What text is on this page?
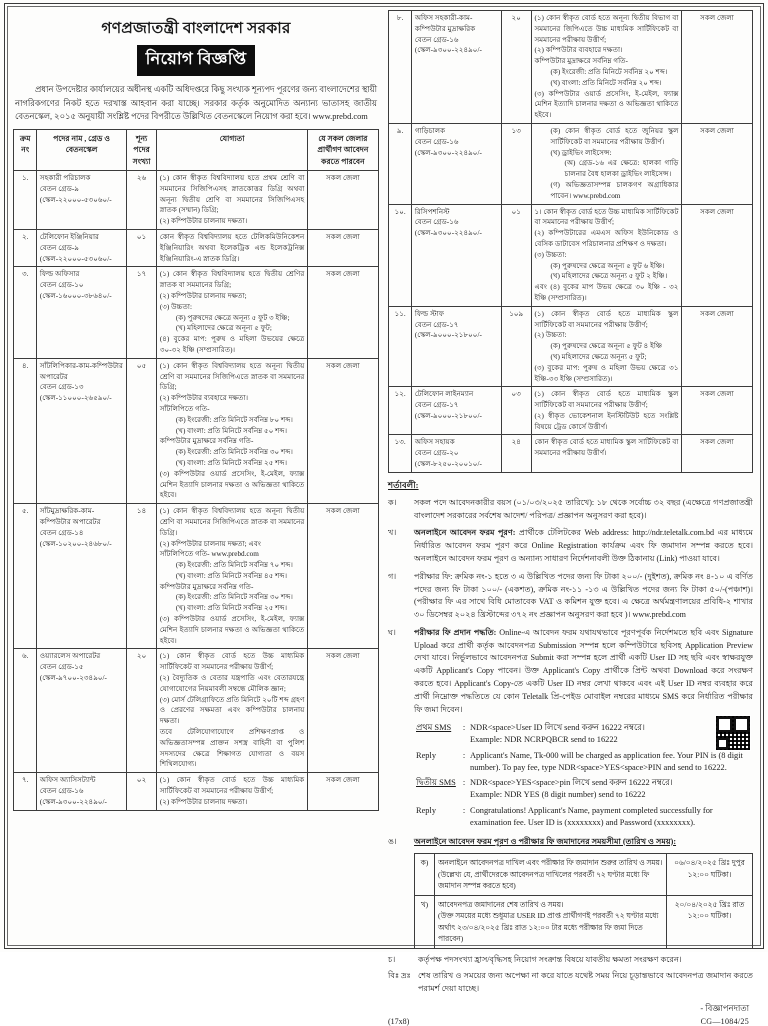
গণপ্রজাতন্ত্রী বাংলাদেশ সরকার
নিয়োগ বিজ্ঞপ্তি
প্রধান উপদেষ্টার কার্যালয়ের অধীনস্থ একটি অধিদপ্তরে কিছু সংখ্যক শূন্যপদ পূরণের জন্য বাংলাদেশের স্থায়ী নাগরিকগণের নিকট হতে দরখাস্ত আহবান করা যাচ্ছে। সরকার কর্তৃক অনুমোদিত অন্যান্য ভাতাসহ জাতীয় বেতনস্কেল, ২০১৫ অনুযায়ী সংশ্লিষ্ট পদের বিপরীতে উল্লিখিত বেতনস্কেলে নিয়োগ করা হবে। www.prebd.com
ক্রম নং	পদের নাম , গ্রেড ও বেতনস্কেল	শূন্য পদের সংখ্যা	যোগ্যতা	যে সকল জেলার প্রার্থীগণ আবেদন করতে পারবেন
১.	সহকারী পরিচালক
বেতন গ্রেড-৯
(স্কেল-২২০০০-৫৩০৬০/-	২৬	(১) কোন স্বীকৃত বিশ্ববিদ্যালয় হতে প্রথম শ্রেণি বা সমমানের সিজিপিএসহ স্নাতকোত্তর ডিগ্রি অথবা অনূন্য দ্বিতীয় শ্রেণি বা সমমানের সিজিপিএসহ স্নাতক (সম্মান) ডিগ্রি;
(২) কম্পিউটার চালনায় দক্ষতা।	সকল জেলা
২.	টেলিফোন ইঞ্জিনিয়ার
বেতন গ্রেড-৯
(স্কেল-২২০০০-৫৩০৬০/-	০১	কোন স্বীকৃত বিশ্ববিদ্যালয় হতে টেলিকমিউনিকেশন ইঞ্জিনিয়ারিং অথবা ইলেকট্রিক এন্ড ইলেকট্রনিক্স ইঞ্জিনিয়ারিং-এ স্নাতক ডিগ্রি।	সকল জেলা
৩.	ফিল্ড অফিসার
বেতন গ্রেড-১০
(স্কেল-১৬০০০-৩৮৬৪০/-
	১৭	(১) কোন স্বীকৃত বিশ্ববিদ্যালয় হতে দ্বিতীয় শ্রেণির স্নাতক বা সমমানের ডিগ্রি;
(২) কম্পিউটার চালনায় দক্ষতা;
(৩) উচ্চতা:
(ক) পুরুষদের ক্ষেত্রে অনূন্য ৫ ফুট ৩ ইঞ্চি;
(খ) মহিলাদের ক্ষেত্রে অনূন্য ৫ ফুট;
(৪) বুকের মাপ: পুরুষ ও মহিলা উভয়ের ক্ষেত্রে ৩০-৩২ ইঞ্চি (সম্প্রসারিত)।
	সকল জেলা
৪.	সাঁটলিপিকার-কাম-কম্পিউটার অপারেটর
বেতন গ্রেড-১৩
(স্কেল-১১০০০-২৬৫৯০/-
	০৫	(১) কোন স্বীকৃত বিশ্ববিদ্যালয় হতে অনূন্য দ্বিতীয় শ্রেণি বা সমমানের সিজিপিএতে স্নাতক বা সমমানের ডিগ্রি;
(২) কম্পিউটার ব্যবহারে দক্ষতা।
সাঁটলিপিতে গতি-
(ক) ইংরেজী: প্রতি মিনিটে সর্বনিম্ন ৮০ শব্দ।
(খ) বাংলা: প্রতি মিনিটে সর্বনিম্ন ৫০ শব্দ।
কম্পিউটার মুদ্রাক্ষরে সর্বনিম্ন গতি-
(ক) ইংরেজী: প্রতি মিনিটে সর্বনিম্ন ৩০ শব্দ।
(খ) বাংলা: প্রতি মিনিটে সর্বনিম্ন ২৫ শব্দ।
(৩) কম্পিউটার ওয়ার্ড প্রসেসিং, ই-মেইল, ফ্যাক্স মেশিন ইত্যাদি চালনার দক্ষতা ও অভিজ্ঞতা থাকিতে হইবে।
	সকল জেলা
৫.	সাঁটমুদ্রাক্ষরিক-কাম-কম্পিউটার অপারেটর
বেতন গ্রেড-১৪
(স্কেল-১০২০০-২৪৬৮০/-
	১৪	(১) কোন স্বীকৃত বিশ্ববিদ্যালয় হতে অনূন্য দ্বিতীয় শ্রেণি বা সমমানের সিজিপিএতে স্নাতক বা সমমানের ডিগ্রি।
(২) কম্পিউটার চালনায় দক্ষতা; এবং
সাঁটলিপিতে গতি- www.prebd.com
(ক) ইংরেজী: প্রতি মিনিটে সর্বনিম্ন ৭০ শব্দ।
(খ) বাংলা: প্রতি মিনিটে সর্বনিম্ন ৪৫ শব্দ।
কম্পিউটার মুদ্রাক্ষরে সর্বনিম্ন গতি-
(ক) ইংরেজী: প্রতি মিনিটে সর্বনিম্ন ৩০ শব্দ।
(খ) বাংলা: প্রতি মিনিটে সর্বনিম্ন ২৫ শব্দ।
(৩) কম্পিউটার ওয়ার্ড প্রসেসিং, ই-মেইল, ফ্যাক্স মেশিন ইত্যাদি চালনার দক্ষতা ও অভিজ্ঞতা থাকিতে হইবে।
	সকল জেলা
৬.	ওয়্যারলেস অপারেটর
বেতন গ্রেড-১৫
(স্কেল-৯৭০০-২৩৪৯০/-
	২০	(১) কোন স্বীকৃত বোর্ড হতে উচ্চ মাধ্যমিক সার্টিফিকেট বা সমমানের পরীক্ষায় উত্তীর্ণ;
(২) বৈদ্যুতিক ও বেতার যন্ত্রপাতি এবং বেতারযন্ত্রে যোগাযোগের নিয়মাবলী সম্বন্ধে মৌলিক জ্ঞান;
(৩) মোর্স টেলিগ্রাফিতে প্রতি মিনিটে ২০টি শব্দ গ্রহণ ও প্রেরণের সক্ষমতা এবং কম্পিউটার চালনায় দক্ষতা।
তবে টেলিযোগাযোগে প্রশিক্ষণপ্রাপ্ত ও অভিজ্ঞতাসম্পন্ন প্রাক্তন সশস্ত্র বাহিনী বা পুলিশ সদস্যদের ক্ষেত্রে শিক্ষাগত যোগ্যতা ও বয়স শিথিলযোগ্য।
	সকল জেলা
৭.	অফিস অ্যাসিসট্যান্ট
বেতন গ্রেড-১৬
(স্কেল-৯৩০০-২২৪৯০/-	০২	(১) কোন স্বীকৃত বোর্ড হতে উচ্চ মাধ্যমিক সার্টিফিকেট বা সমমানের পরীক্ষায় উত্তীর্ণ;
(২) কম্পিউটার চালনায় দক্ষতা।	সকল জেলা
৮.	অফিস সহকারী-কাম-কম্পিউটার মুদ্রাক্ষরিক
বেতন গ্রেড-১৬
(স্কেল-৯৩০০-২২৪৯০/-
	২০	(১) কোন স্বীকৃত বোর্ড হতে অনূন্য দ্বিতীয় বিভাগ বা সমমানের জিপিএতে উচ্চ মাধ্যমিক সার্টিফিকেট বা সমমানের পরীক্ষায় উত্তীর্ণ;
(২) কম্পিউটার ব্যবহারে দক্ষতা।
কম্পিউটার মুদ্রাক্ষরে সর্বনিম্ন গতি-
(ক) ইংরেজী: প্রতি মিনিটে সর্বনিম্ন ২০ শব্দ।
(খ) বাংলা: প্রতি মিনিটে সর্বনিম্ন ২০ শব্দ।
(৩) কম্পিউটার ওয়ার্ড প্রসেসিং, ই-মেইল, ফ্যাক্স মেশিন ইত্যাদি চালনার দক্ষতা ও অভিজ্ঞতা থাকিতে হইবে।
	সকল জেলা
৯.	গাড়িচালক
বেতন গ্রেড-১৬
(স্কেল-৯৩০০-২২৪৯০/-
	১৩	(ক) কোন স্বীকৃত বোর্ড হতে জুনিয়র স্কুল সার্টিফিকেট বা সমমানের পরীক্ষায় উত্তীর্ণ।
(খ) ড্রাইভিং লাইসেন্স:
(অ) গ্রেড-১৬ এর ক্ষেত্রে: হালকা গাড়ি চালনার বৈধ হালকা ড্রাইভিং লাইসেন্স।
(গ) অভিজ্ঞতাসম্পন্ন চালকগণ অগ্রাধিকার পাবেন। www.prebd.com
	সকল জেলা
১০.	রিসিপশনিস্ট
বেতন গ্রেড-১৬
(স্কেল-৯৩০০-২২৪৯০/-
	০১	১। কোন স্বীকৃত বোর্ড হতে উচ্চ মাধ্যমিক সার্টিফিকেট বা সমমানের পরীক্ষায় উত্তীর্ণ;
(২) কম্পিউটারের এমএস অফিস ইউনিকোড ও বেসিক ডাটাবেস পরিচালনার প্রশিক্ষণ ও দক্ষতা।
(৩) উচ্চতা:
(ক) পুরুষদের ক্ষেত্রে অনূন্য ৫ ফুট ৬ ইঞ্চি।
(খ) মহিলাদের ক্ষেত্রে অনূন্য ৫ ফুট ২ ইঞ্চি।
এবং (৪) বুকের মাপ উভয় ক্ষেত্রে ৩০ ইঞ্চি - ৩২ ইঞ্চি (সম্প্রসারিত)।
	সকল জেলা
১১.	ফিল্ড স্টাফ
বেতন গ্রেড-১৭
(স্কেল-৯০০০-২১৮০০/-
	১০৯	(১) কোন স্বীকৃত বোর্ড হতে মাধ্যমিক স্কুল সার্টিফিকেট বা সমমানের পরীক্ষায় উত্তীর্ণ;
(২) উচ্চতা:
(ক) পুরুষদের ক্ষেত্রে অনূন্য ৫ ফুট ৪ ইঞ্চি
(খ) মহিলাদের ক্ষেত্রে অনূন্য ৫ ফুট;
(৩) বুকের মাপ: পুরুষ ও মহিলা উভয় ক্ষেত্রে ৩১ ইঞ্চি-৩৩ ইঞ্চি (সম্প্রসারিত)।
	সকল জেলা
১২.	টেলিফোন লাইনম্যান
বেতন গ্রেড-১৭
(স্কেল-৯০০০-২১৮০০/-	০৩	(১) কোন স্বীকৃত বোর্ড হতে মাধ্যমিক স্কুল সার্টিফিকেট বা সমমানের পরীক্ষায় উত্তীর্ণ;
(২) স্বীকৃত ভোকেশনাল ইনস্টিটিউট হতে সংশ্লিষ্ট বিষয়ে ট্রেড কোর্সে উত্তীর্ণ।	সকল জেলা
১৩.	অফিস সহায়ক
বেতন গ্রেড-২০
(স্কেল-৮২৫০-২০০১০/-	২৪	কোন স্বীকৃত বোর্ড হতে মাধ্যমিক স্কুল সার্টিফিকেট বা সমমানের পরীক্ষায় উত্তীর্ণ।	সকল জেলা
শর্তাবলী:
ক।	সকল পদে আবেদনকারীর বয়স (০১/০৩/২০২৫ তারিখে): ১৮ থেকে সর্বোচ্চ ৩২ বছর (এক্ষেত্রে গণপ্রজাতন্ত্রী বাংলাদেশ সরকারের সর্বশেষ আদেশ/ পরিপত্র/ প্রজ্ঞাপন অনুসরণ করা হবে)।
খ।	অনলাইনে আবেদন ফরম পূরণ: প্রার্থীকে টেলিটকের Web address: http://ndr.teletalk.com.bd এর মাধ্যমে নির্ধারিত আবেদন ফরম পূরণ করে Online Registration কার্যক্রম এবং ফি জমাদান সম্পন্ন করতে হবে। অনলাইনে আবেদন ফরম পূরণ ও অন্যান্য সাধারণ নির্দেশনাবলী উক্ত ঠিকানায় (Link) পাওয়া যাবে।
গ।	পরীক্ষার ফি: ক্রমিক নং-১ হতে ৩ এ উল্লিখিত পদের জন্য ফি টাকা ২০০/- (দুইশত), ক্রমিক নং ৪-১০ এ বর্ণিত পদের জন্য ফি টাকা ১০০/- (একশত), ক্রমিক নং-১১ -১৩ এ উল্লিখিত পদের জন্য ফি টাকা ৫০/-(পঞ্চাশ)। (পরীক্ষার ফি এর সাথে বিধি মোতাবেক VAT ও কমিশন যুক্ত হবে। এ ক্ষেত্রে অর্থমন্ত্রণালয়ের প্রবিধি-২ শাখার ৩০ ডিসেম্বর ২০২৪ খ্রিস্টাব্দের ৩৭২ নং প্রজ্ঞাপন অনুসরণ করা হবে )। www.prebd.com
ঘ।	পরীক্ষার ফি প্রদান পদ্ধতি: Online-এ আবেদন ফরম যথাযথভাবে পূরণপূর্বক নির্দেশমতে ছবি এবং Signature Upload করে প্রার্থী কর্তৃক আবেদনপত্র Submission সম্পন্ন হলে কম্পিউটারে ছবিসহ Application Preview দেখা যাবে। নির্ভুলভাবে আবেদনপত্র Submit করা সম্পন্ন হলে প্রার্থী একটি User ID সহ ছবি এবং স্বাক্ষরযুক্ত একটি Applicant's Copy পাবেন। উক্ত Applicant's Copy প্রার্থীকে প্রিন্ট অথবা Download করে সংরক্ষণ করতে হবে। Applicant's Copy-তে একটি User ID নম্বর লেখা থাকবে এবং এই User ID নম্বর ব্যবহার করে প্রার্থী নিম্নোক্ত পদ্ধতিতে যে কোন Teletalk প্রি-পেইড মোবাইল নম্বরের মাধ্যমে SMS করে নির্ধারিত পরীক্ষার ফি জমা দিবেন।
প্রথম SMS	:	NDR<space>User ID লিখে send করুন 16222 নম্বরে।
Example: NDR NCRPQBCR send to 16222
Reply	:	Applicant's Name, Tk-000 will be charged as application fee. Your PIN is (8 digit number). To pay fee, type NDR<space>YES<space>PIN and send to 16222.
দ্বিতীয় SMS	:	NDR<space>YES<space>pin লিখে send করুন 16222 নম্বরে।
Example: NDR YES (8 digit number) send to 16222
Reply	:	Congratulations! Applicant's Name, payment completed successfully for examination fee. User ID is (xxxxxxxx) and Password (xxxxxxxx).
ঙ।	অনলাইনে আবেদন ফরম পূরণ ও পরীক্ষার ফি জমাদানের সময়সীমা (তারিখ ও সময়):
ক)	অনলাইনে আবেদনপত্র দাখিল এবং পরীক্ষার ফি জমাদান শুরুর তারিখ ও সময়।
(উল্লেখ্য যে, প্রার্থীদেরকে আবেদনপত্র দাখিলের পরবর্তী ৭২ ঘণ্টার মধ্যে ফি জমাদান সম্পন্ন করতে হবে)	০৬/০৪/২০২৫ খ্রিঃ দুপুর ১২:০০ ঘটিকা।
খ)	আবেদনপত্র জমাদানের শেষ তারিখ ও সময়।
(উক্ত সময়ের মধ্যে শুধুমাত্র USER ID প্রাপ্ত প্রার্থীগণই পরবর্তী ৭২ ঘণ্টার মধ্যে অর্থাৎ ২৩/০৪/২০২৫ খ্রিঃ রাত ১২:০০ টার মধ্যে পরীক্ষার ফি জমা দিতে পারবেন)	২০/০৪/২০২৫ খ্রিঃ রাত ১২:০০ ঘটিকা।
চ।	কর্তৃপক্ষ পদসংখ্যা হ্রাস/বৃদ্ধিসহ নিয়োগ সংক্রান্ত বিষয়ে যাবতীয় ক্ষমতা সংরক্ষণ করেন।
বিঃ দ্রঃ শেষ তারিখ ও সময়ের জন্য অপেক্ষা না করে যাতে যথেষ্ট সময় নিয়ে চূড়ান্তভাবে আবেদনপত্র জমাদান করতে পরামর্শ দেয়া যাচ্ছে।
- বিজ্ঞাপনদাতা
(17x8)	CG—1084/25
